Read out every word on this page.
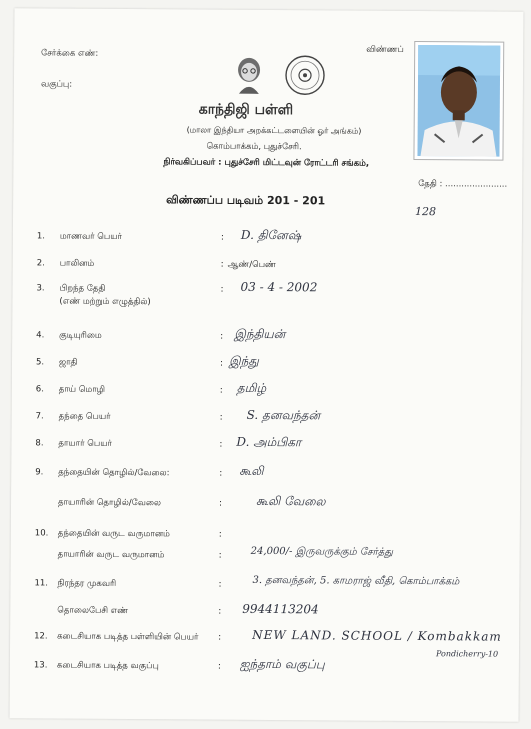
சேர்க்கை எண்:
வகுப்பு:
விண்ணப்
காந்திஜி பள்ளி
(மாலா இந்தியா அறக்கட்டளையின் ஓர் அங்கம்)
கொம்பாக்கம், புதுச்சேரி.
நிர்வகிப்பவர் : புதுச்சேரி மிட்டவுன் ரோட்டரி சங்கம்,
தேதி : .......................
விண்ணப்ப படிவம் 201 - 201
128
1. மாணவர் பெயர்	: D. தினேஷ்
2. பாலினம்	: ஆண்/பெண்
3. பிறந்த தேதி
(எண் மற்றும் எழுத்தில்)
: 03 - 4 - 2002
4. குடியுரிமை	: இந்தியன்
5. ஜாதி	: இந்து
6. தாய் மொழி	: தமிழ்
7. தந்தை பெயர்	: S. தனவந்தன்
8. தாயார் பெயர்	: D. அம்பிகா
9. தந்தையின் தொழில்/வேலை:	: கூலி
தாயாரின் தொழில்/வேலை	:	கூலி வேலை
10. தந்தையின் வருட வருமானம்	:
தாயாரின் வருட வருமானம்	:	24,000/- இருவருக்கும் சேர்த்து
11. நிரந்தர முகவரி	:	3. தனவந்தன், 5. காமராஜ் வீதி, கொம்பாக்கம்
தொலைபேசி எண்	: 9944113204
12. கடைசியாக படித்த பள்ளியின் பெயர் :	NEW LAND. SCHOOL / Kombakkam
13. கடைசியாக படித்த வகுப்பு	: ஐந்தாம் வகுப்பு
Pondicherry-10
